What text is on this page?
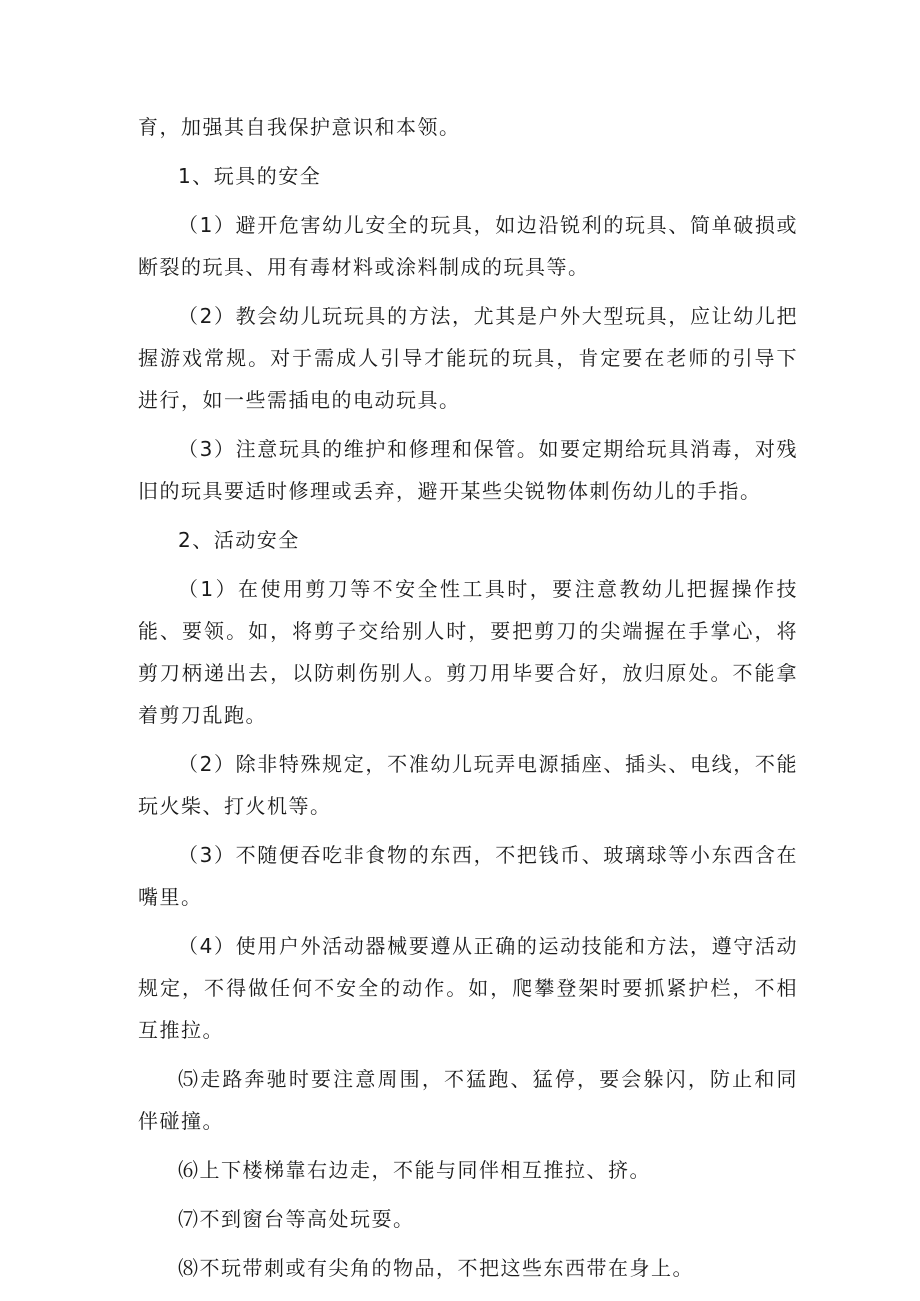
育，加强其自我保护意识和本领。

1、玩具的安全

（1）避开危害幼儿安全的玩具，如边沿锐利的玩具、简单破损或断裂的玩具、用有毒材料或涂料制成的玩具等。

（2）教会幼儿玩玩具的方法，尤其是户外大型玩具，应让幼儿把握游戏常规。对于需成人引导才能玩的玩具，肯定要在老师的引导下进行，如一些需插电的电动玩具。

（3）注意玩具的维护和修理和保管。如要定期给玩具消毒，对残旧的玩具要适时修理或丢弃，避开某些尖锐物体刺伤幼儿的手指。

2、活动安全

（1）在使用剪刀等不安全性工具时，要注意教幼儿把握操作技能、要领。如，将剪子交给别人时，要把剪刀的尖端握在手掌心，将剪刀柄递出去，以防刺伤别人。剪刀用毕要合好，放归原处。不能拿着剪刀乱跑。

（2）除非特殊规定，不准幼儿玩弄电源插座、插头、电线，不能玩火柴、打火机等。

（3）不随便吞吃非食物的东西，不把钱币、玻璃球等小东西含在嘴里。

（4）使用户外活动器械要遵从正确的运动技能和方法，遵守活动规定，不得做任何不安全的动作。如，爬攀登架时要抓紧护栏，不相互推拉。

⑸走路奔驰时要注意周围，不猛跑、猛停，要会躲闪，防止和同伴碰撞。

⑹上下楼梯靠右边走，不能与同伴相互推拉、挤。

⑺不到窗台等高处玩耍。

⑻不玩带刺或有尖角的物品，不把这些东西带在身上。
